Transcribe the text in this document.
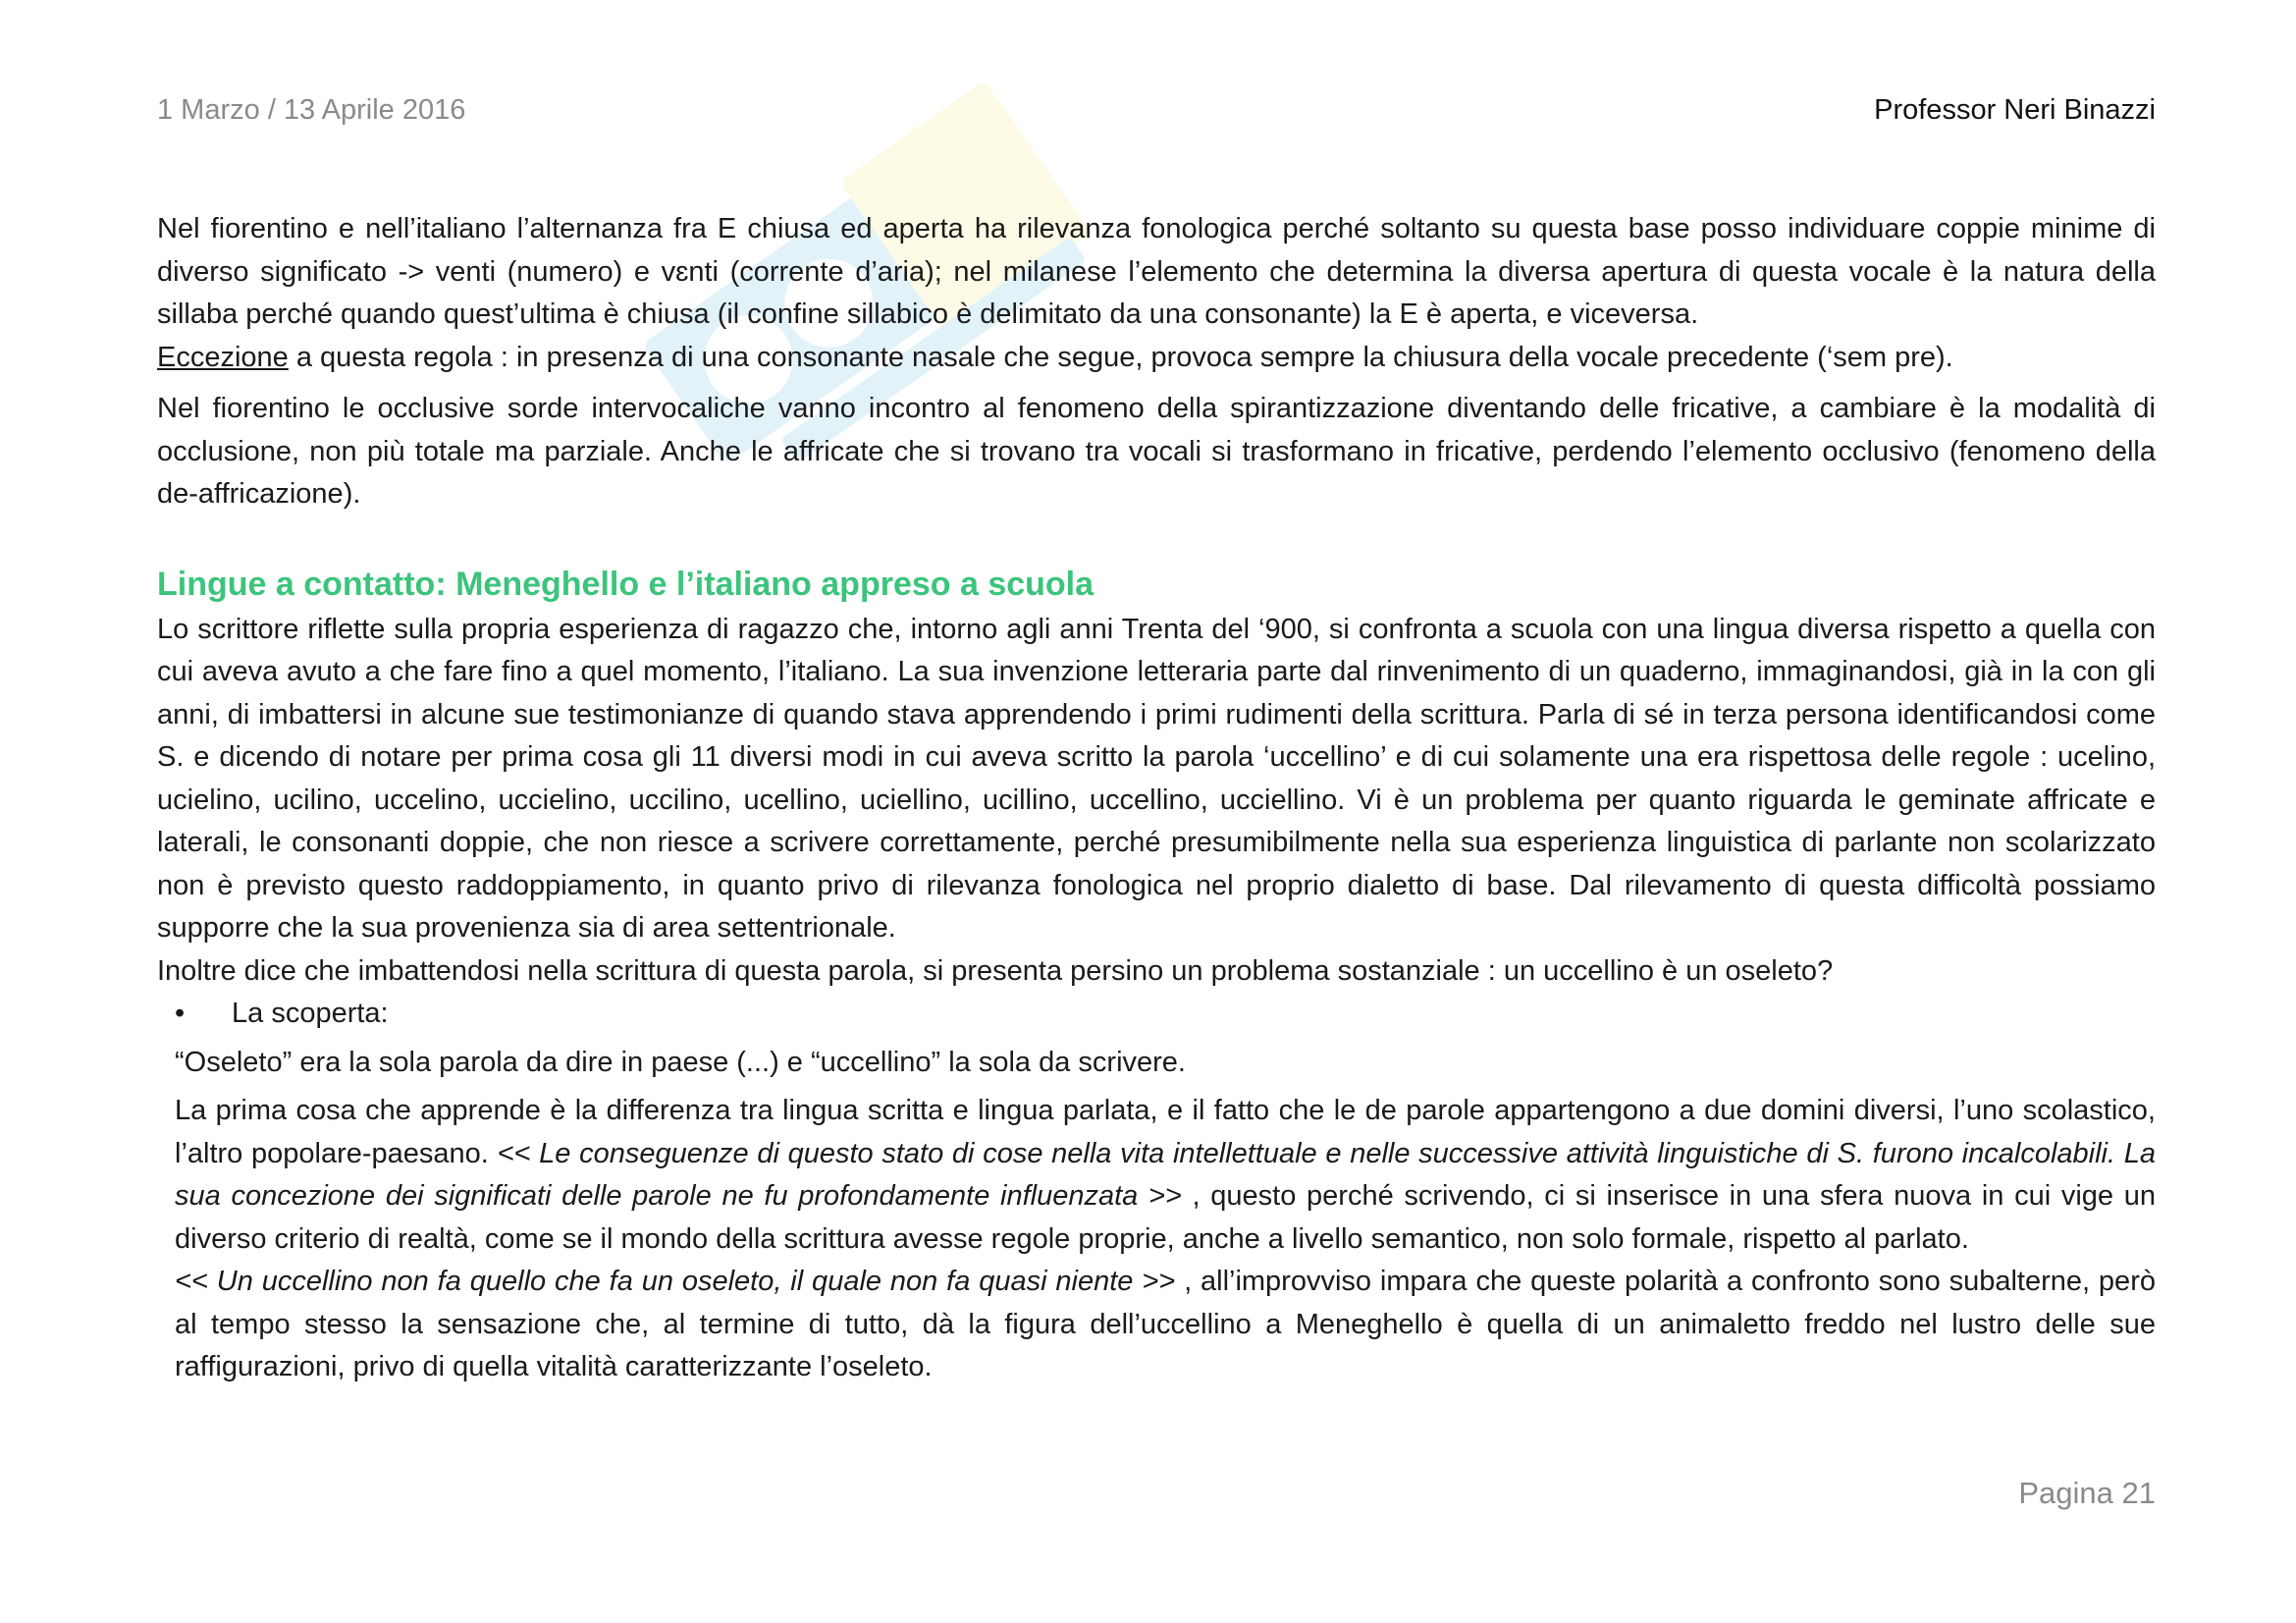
1 Marzo / 13 Aprile 2016	Professor Neri Binazzi

Nel fiorentino e nell’italiano l’alternanza fra E chiusa ed aperta ha rilevanza fonologica perché soltanto su questa base posso individuare coppie minime di diverso significato -> venti (numero) e vɛnti (corrente d’aria); nel milanese l’elemento che determina la diversa apertura di questa vocale è la natura della sillaba perché quando quest’ultima è chiusa (il confine sillabico è delimitato da una consonante) la E è aperta, e viceversa.
Eccezione a questa regola : in presenza di una consonante nasale che segue, provoca sempre la chiusura della vocale precedente (‘sem pre).

Nel fiorentino le occlusive sorde intervocaliche vanno incontro al fenomeno della spirantizzazione diventando delle fricative, a cambiare è la modalità di occlusione, non più totale ma parziale. Anche le affricate che si trovano tra vocali si trasformano in fricative, perdendo l’elemento occlusivo (fenomeno della de-affricazione).

Lingue a contatto: Meneghello e l’italiano appreso a scuola

Lo scrittore riflette sulla propria esperienza di ragazzo che, intorno agli anni Trenta del ‘900, si confronta a scuola con una lingua diversa rispetto a quella con cui aveva avuto a che fare fino a quel momento, l’italiano. La sua invenzione letteraria parte dal rinvenimento di un quaderno, immaginandosi, già in la con gli anni, di imbattersi in alcune sue testimonianze di quando stava apprendendo i primi rudimenti della scrittura. Parla di sé in terza persona identificandosi come S. e dicendo di notare per prima cosa gli 11 diversi modi in cui aveva scritto la parola ‘uccellino’ e di cui solamente una era rispettosa delle regole : ucelino, ucielino, ucilino, uccelino, uccielino, uccilino, ucellino, uciellino, ucillino, uccellino, ucciellino. Vi è un problema per quanto riguarda le geminate affricate e laterali, le consonanti doppie, che non riesce a scrivere correttamente, perché presumibilmente nella sua esperienza linguistica di parlante non scolarizzato non è previsto questo raddoppiamento, in quanto privo di rilevanza fonologica nel proprio dialetto di base. Dal rilevamento di questa difficoltà possiamo supporre che la sua provenienza sia di area settentrionale.

Inoltre dice che imbattendosi nella scrittura di questa parola, si presenta persino un problema sostanziale : un uccellino è un oseleto?

•	La scoperta:

“Oseleto” era la sola parola da dire in paese (...) e “uccellino” la sola da scrivere.

La prima cosa che apprende è la differenza tra lingua scritta e lingua parlata, e il fatto che le de parole appartengono a due domini diversi, l’uno scolastico, l’altro popolare-paesano. << Le conseguenze di questo stato di cose nella vita intellettuale e nelle successive attività linguistiche di S. furono incalcolabili. La sua concezione dei significati delle parole ne fu profondamente influenzata >> , questo perché scrivendo, ci si inserisce in una sfera nuova in cui vige un diverso criterio di realtà, come se il mondo della scrittura avesse regole proprie, anche a livello semantico, non solo formale, rispetto al parlato.

<< Un uccellino non fa quello che fa un oseleto, il quale non fa quasi niente >> , all’improvviso impara che queste polarità a confronto sono subalterne, però al tempo stesso la sensazione che, al termine di tutto, dà la figura dell’uccellino a Meneghello è quella di un animaletto freddo nel lustro delle sue raffigurazioni, privo di quella vitalità caratterizzante l’oseleto.

Pagina 21
